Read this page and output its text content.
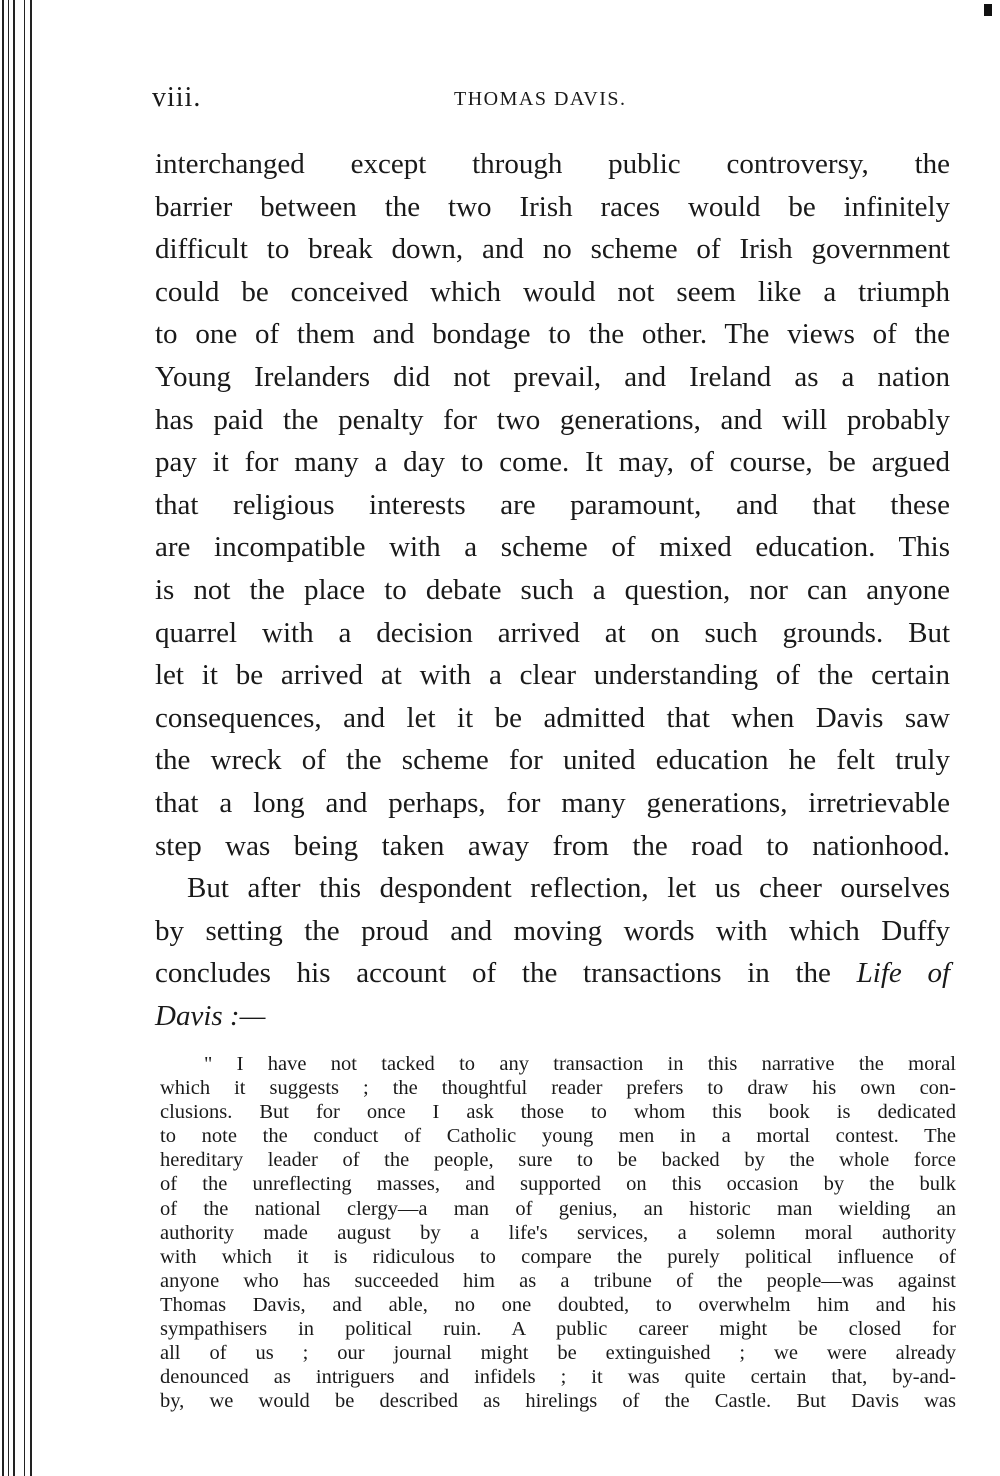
viii.	THOMAS DAVIS.
interchanged except through public controversy, the
barrier between the two Irish races would be infinitely
difficult to break down, and no scheme of Irish government
could be conceived which would not seem like a triumph
to one of them and bondage to the other. The views of the
Young Irelanders did not prevail, and Ireland as a nation
has paid the penalty for two generations, and will probably
pay it for many a day to come. It may, of course, be argued
that religious interests are paramount, and that these
are incompatible with a scheme of mixed education. This
is not the place to debate such a question, nor can anyone
quarrel with a decision arrived at on such grounds. But
let it be arrived at with a clear understanding of the certain
consequences, and let it be admitted that when Davis saw
the wreck of the scheme for united education he felt truly
that a long and perhaps, for many generations, irretrievable
step was being taken away from the road to nationhood.
But after this despondent reflection, let us cheer ourselves
by setting the proud and moving words with which Duffy
concludes his account of the transactions in the Life of
Davis :—
" I have not tacked to any transaction in this narrative the moral
which it suggests ; the thoughtful reader prefers to draw his own con-
clusions. But for once I ask those to whom this book is dedicated
to note the conduct of Catholic young men in a mortal contest. The
hereditary leader of the people, sure to be backed by the whole force
of the unreflecting masses, and supported on this occasion by the bulk
of the national clergy—a man of genius, an historic man wielding an
authority made august by a life's services, a solemn moral authority
with which it is ridiculous to compare the purely political influence of
anyone who has succeeded him as a tribune of the people—was against
Thomas Davis, and able, no one doubted, to overwhelm him and his
sympathisers in political ruin. A public career might be closed for
all of us ; our journal might be extinguished ; we were already
denounced as intriguers and infidels ; it was quite certain that, by-and-
by, we would be described as hirelings of the Castle. But Davis was
